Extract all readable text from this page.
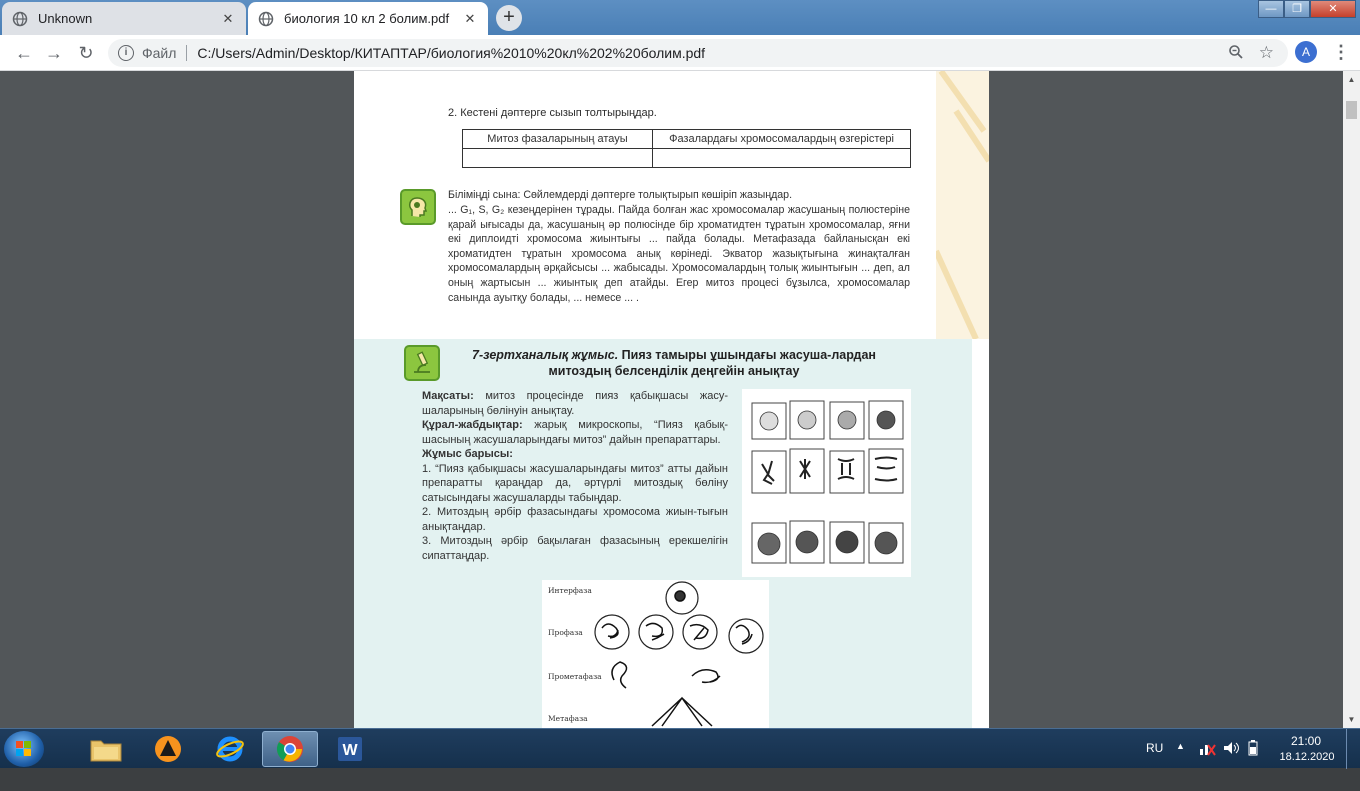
Unknown	✕	биология 10 кл 2 болим.pdf	✕	+	—	❐	✕
← → ↻	i	Файл C:/Users/Admin/Desktop/КИТАПТАР/биология%2010%20кл%202%20болим.pdf	☆	A	⋮
2. Кестені дәптерге сызып толтырыңдар.
Митоз фазаларының атауы	Фазалардағы хромосомалардың өзгерістері

Біліміңді сына: Сөйлемдерді дәптерге толықтырып көшіріп жазыңдар.
... G₁, S, G₂ кезеңдерінен тұрады. Пайда болған жас хромосомалар жасушаның полюстеріне қарай ығысады да, жасушаның әр полюсінде бір хроматидтен тұратын хромосомалар, яғни екі диплоидті хромосома жиынтығы ... пайда болады. Метафазада байланысқан екі хроматидтен тұратын хромосома анық көрінеді. Экватор жазықтығына жинақталған хромосомалардың әрқайсысы ... жабысады. Хромосомалардың толық жиынтығын ... деп, ал оның жартысын ... жиынтық деп атайды. Егер митоз процесі бұзылса, хромосомалар санында ауытқу болады, ... немесе ... .
7-зертханалық жұмыс. Пияз тамыры ұшындағы жасуша-лардан митоздың белсенділік деңгейін анықтау

Мақсаты: митоз процесінде пияз қабықшасы жасу-шаларының бөлінуін анықтау.

Құрал-жабдықтар: жарық микроскопы, “Пияз қабық-шасының жасушаларындағы митоз” дайын препараттары.

Жұмыс барысы:

1. “Пияз қабықшасы жасушаларындағы митоз” атты дайын препаратты қараңдар да, әртүрлі митоздық бөліну сатысындағы жасушаларды табыңдар.

2. Митоздың әрбір фазасындағы хромосома жиын-тығын анықтаңдар.

3. Митоздың әрбір бақылаған фазасының ерекшелігін сипаттаңдар.

Интерфаза
Профаза
Прометафаза
Метафаза
▲
▼
W	RU ▲	21:00
18.12.2020
